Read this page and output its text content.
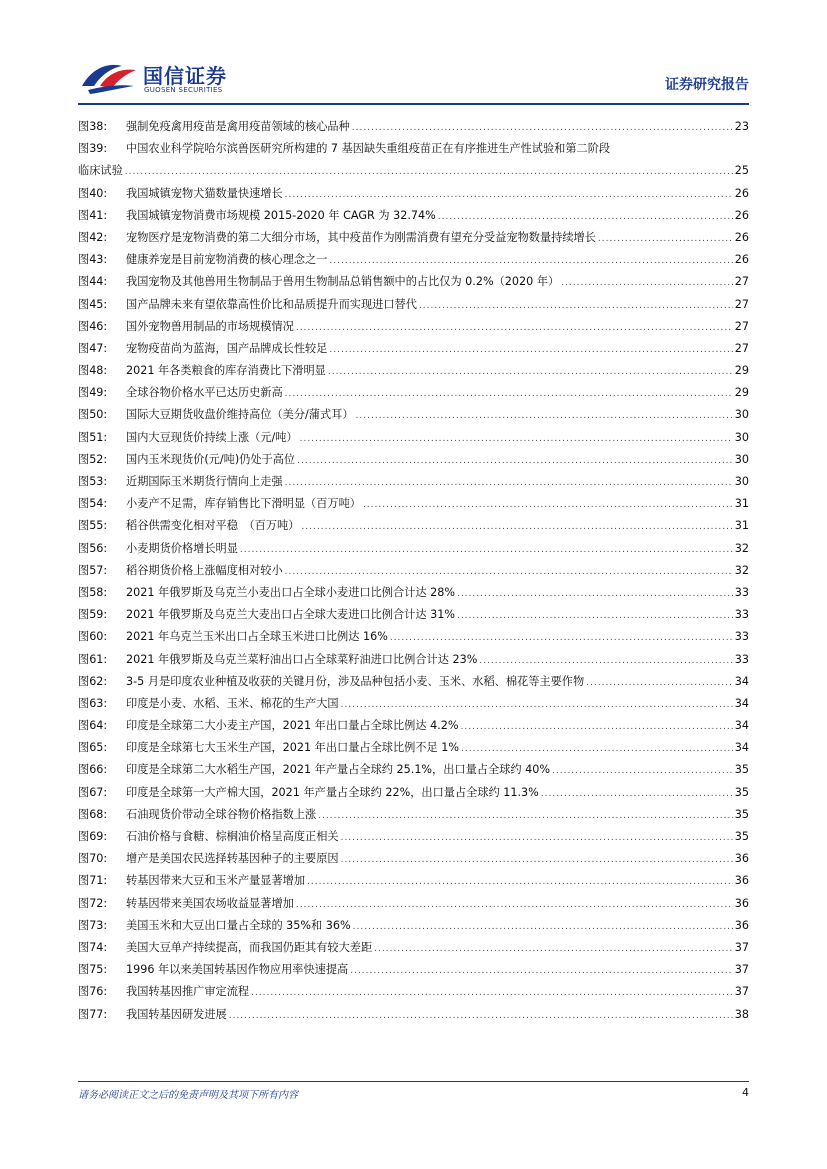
国信证券
GUOSEN SECURITIES	证券研究报告
图38:	强制免疫禽用疫苗是禽用疫苗领域的核心品种 .....	23
图39:	中国农业科学院哈尔滨兽医研究所构建的 7 基因缺失重组疫苗正在有序推进生产性试验和第二阶段
临床试验 .....	25
图40:	我国城镇宠物犬猫数量快速增长 .....	26
图41:	我国城镇宠物消费市场规模 2015-2020 年 CAGR 为 32.74% .....	26
图42:	宠物医疗是宠物消费的第二大细分市场，其中疫苗作为刚需消费有望充分受益宠物数量持续增长 .....	26
图43:	健康养宠是目前宠物消费的核心理念之一 .....	26
图44:	我国宠物及其他兽用生物制品于兽用生物制品总销售额中的占比仅为 0.2%（2020 年） .....	27
图45:	国产品牌未来有望依靠高性价比和品质提升而实现进口替代 .....	27
图46:	国外宠物兽用制品的市场规模情况 .....	27
图47:	宠物疫苗尚为蓝海，国产品牌成长性较足 .....	27
图48:	2021 年各类粮食的库存消费比下滑明显 .....	29
图49:	全球谷物价格水平已达历史新高 .....	29
图50:	国际大豆期货收盘价维持高位（美分/蒲式耳） .....	30
图51:	国内大豆现货价持续上涨（元/吨） .....	30
图52:	国内玉米现货价(元/吨)仍处于高位 .....	30
图53:	近期国际玉米期货行情向上走强 .....	30
图54:	小麦产不足需，库存销售比下滑明显（百万吨） .....	31
图55:	稻谷供需变化相对平稳　（百万吨） .....	31
图56:	小麦期货价格增长明显 .....	32
图57:	稻谷期货价格上涨幅度相对较小 .....	32
图58:	2021 年俄罗斯及乌克兰小麦出口占全球小麦进口比例合计达 28% .....	33
图59:	2021 年俄罗斯及乌克兰大麦出口占全球大麦进口比例合计达 31% .....	33
图60:	2021 年乌克兰玉米出口占全球玉米进口比例达 16% .....	33
图61:	2021 年俄罗斯及乌克兰菜籽油出口占全球菜籽油进口比例合计达 23% .....	33
图62:	3-5 月是印度农业种植及收获的关键月份，涉及品种包括小麦、玉米、水稻、棉花等主要作物 .....	34
图63:	印度是小麦、水稻、玉米、棉花的生产大国 .....	34
图64:	印度是全球第二大小麦主产国，2021 年出口量占全球比例达 4.2% .....	34
图65:	印度是全球第七大玉米生产国，2021 年出口量占全球比例不足 1% .....	34
图66:	印度是全球第二大水稻生产国，2021 年产量占全球约 25.1%，出口量占全球约 40% .....	35
图67:	印度是全球第一大产棉大国，2021 年产量占全球约 22%，出口量占全球约 11.3% .....	35
图68:	石油现货价带动全球谷物价格指数上涨 .....	35
图69:	石油价格与食糖、棕榈油价格呈高度正相关 .....	35
图70:	增产是美国农民选择转基因种子的主要原因 .....	36
图71:	转基因带来大豆和玉米产量显著增加 .....	36
图72:	转基因带来美国农场收益显著增加 .....	36
图73:	美国玉米和大豆出口量占全球的 35%和 36% .....	36
图74:	美国大豆单产持续提高，而我国仍距其有较大差距 .....	37
图75:	1996 年以来美国转基因作物应用率快速提高 .....	37
图76:	我国转基因推广审定流程 .....	37
图77:	我国转基因研发进展 .....	38
请务必阅读正文之后的免责声明及其项下所有内容	4
